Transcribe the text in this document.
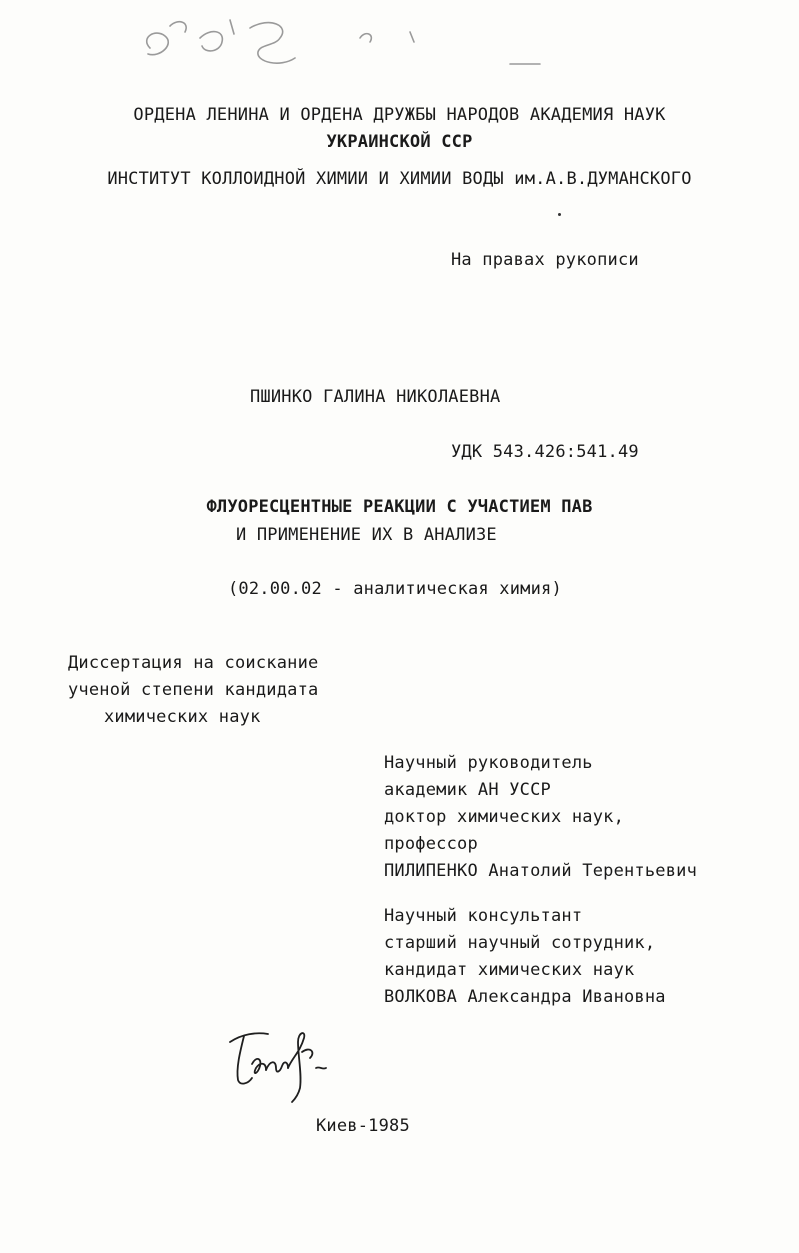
ОРДЕНА ЛЕНИНА И ОРДЕНА ДРУЖБЫ НАРОДОВ АКАДЕМИЯ НАУК
УКРАИНСКОЙ ССР
ИНСТИТУТ КОЛЛОИДНОЙ ХИМИИ И ХИМИИ ВОДЫ им.А.В.ДУМАНСКОГО
На правах рукописи
ПШИНКО ГАЛИНА НИКОЛАЕВНА
УДК 543.426:541.49
ФЛУОРЕСЦЕНТНЫЕ РЕАКЦИИ С УЧАСТИЕМ ПАВ
И ПРИМЕНЕНИЕ ИХ В АНАЛИЗЕ
(02.00.02 - аналитическая химия)
Диссертация на соискание
ученой степени кандидата
химических наук
Научный руководитель
академик АН УССР
доктор химических наук,
профессор
ПИЛИПЕНКО Анатолий Терентьевич
Научный консультант
старший научный сотрудник,
кандидат химических наук
ВОЛКОВА Александра Ивановна
Киев-1985
